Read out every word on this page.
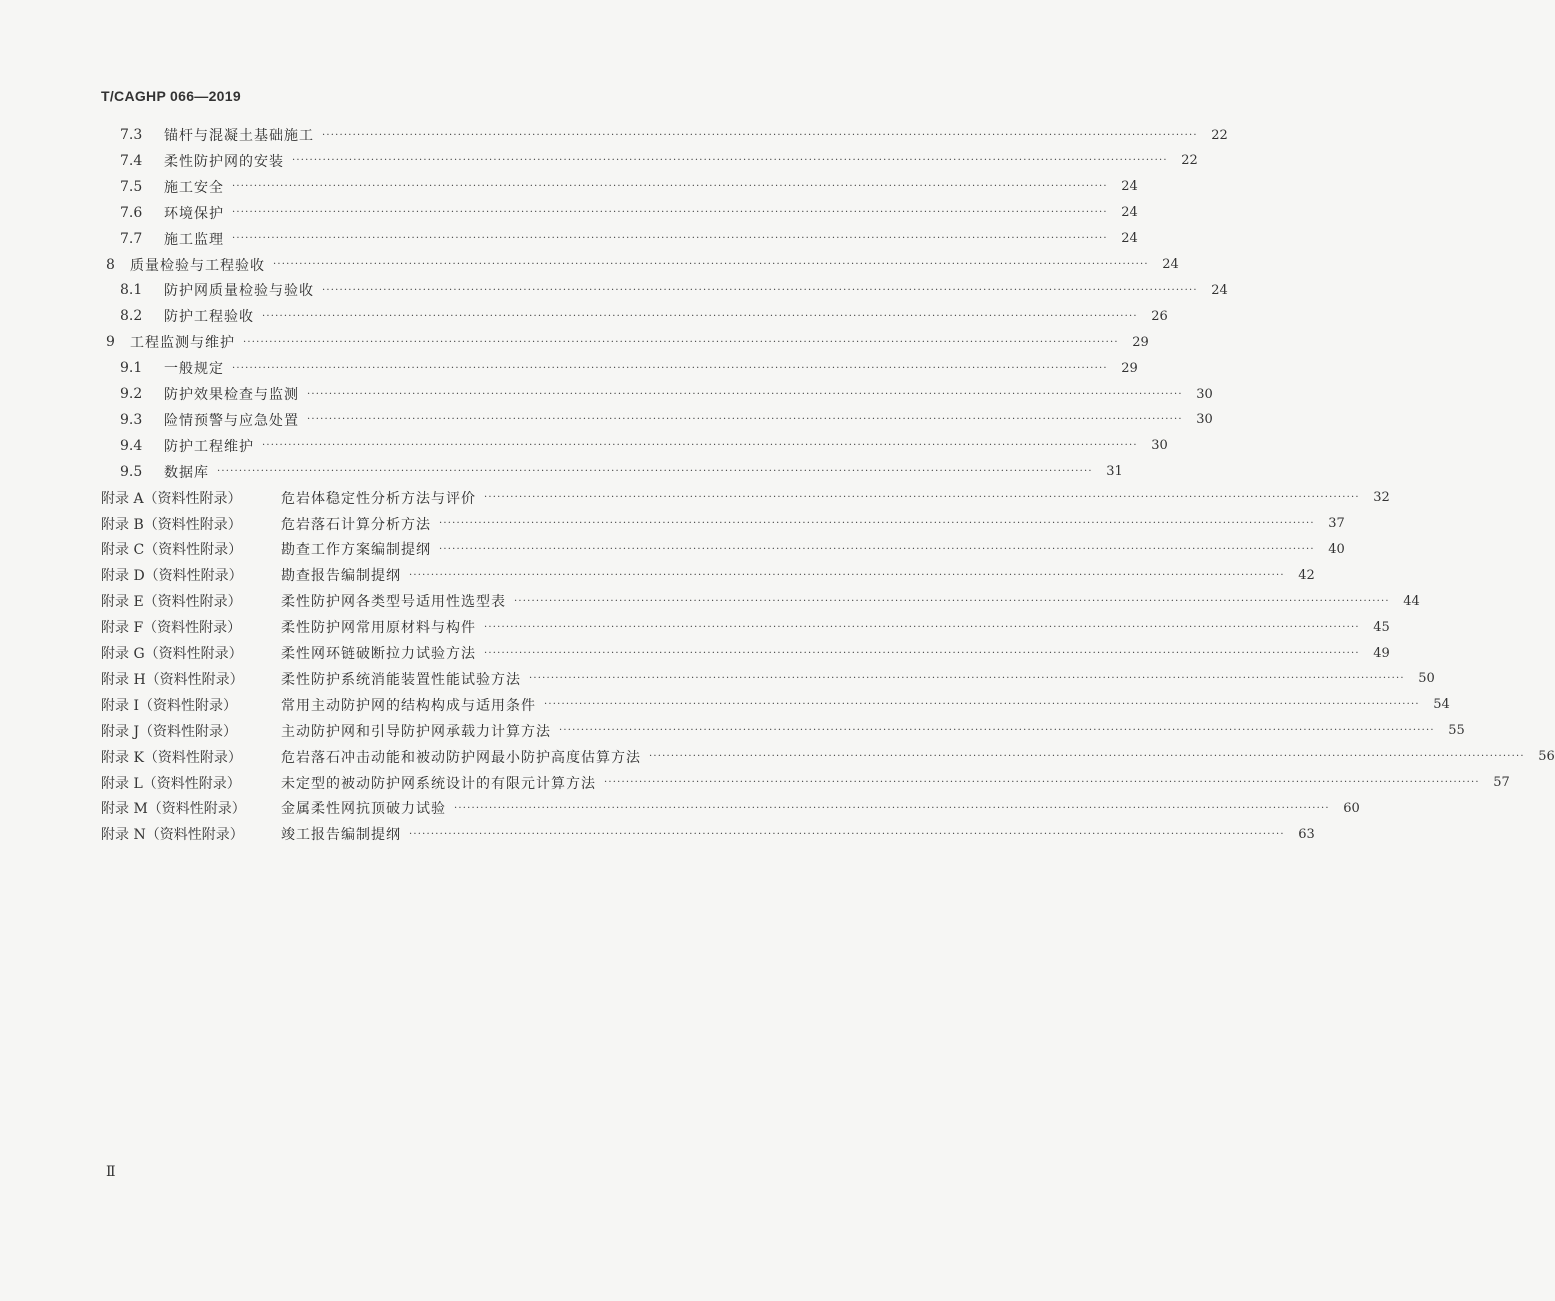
T/CAGHP 066—2019
7.3	锚杆与混凝土基础施工 ········································································································································································································	22
7.4	柔性防护网的安装 ········································································································································································································	22
7.5	施工安全 ········································································································································································································	24
7.6	环境保护 ········································································································································································································	24
7.7	施工监理 ········································································································································································································	24
8	质量检验与工程验收 ········································································································································································································	24
8.1	防护网质量检验与验收 ········································································································································································································	24
8.2	防护工程验收 ········································································································································································································	26
9	工程监测与维护 ········································································································································································································	29
9.1	一般规定 ········································································································································································································	29
9.2	防护效果检查与监测 ········································································································································································································	30
9.3	险情预警与应急处置 ········································································································································································································	30
9.4	防护工程维护 ········································································································································································································	30
9.5	数据库 ········································································································································································································	31
附录 A（资料性附录）	危岩体稳定性分析方法与评价 ········································································································································································································	32
附录 B（资料性附录）	危岩落石计算分析方法 ········································································································································································································	37
附录 C（资料性附录）	勘查工作方案编制提纲 ········································································································································································································	40
附录 D（资料性附录）	勘查报告编制提纲 ········································································································································································································	42
附录 E（资料性附录）	柔性防护网各类型号适用性选型表 ········································································································································································································	44
附录 F（资料性附录）	柔性防护网常用原材料与构件 ········································································································································································································	45
附录 G（资料性附录）	柔性网环链破断拉力试验方法 ········································································································································································································	49
附录 H（资料性附录）	柔性防护系统消能装置性能试验方法 ········································································································································································································	50
附录 I（资料性附录）	常用主动防护网的结构构成与适用条件 ········································································································································································································	54
附录 J（资料性附录）	主动防护网和引导防护网承载力计算方法 ········································································································································································································	55
附录 K（资料性附录）	危岩落石冲击动能和被动防护网最小防护高度估算方法 ········································································································································································································	56
附录 L（资料性附录）	未定型的被动防护网系统设计的有限元计算方法 ········································································································································································································	57
附录 M（资料性附录）	金属柔性网抗顶破力试验 ········································································································································································································	60
附录 N（资料性附录）	竣工报告编制提纲 ········································································································································································································	63
Ⅱ
